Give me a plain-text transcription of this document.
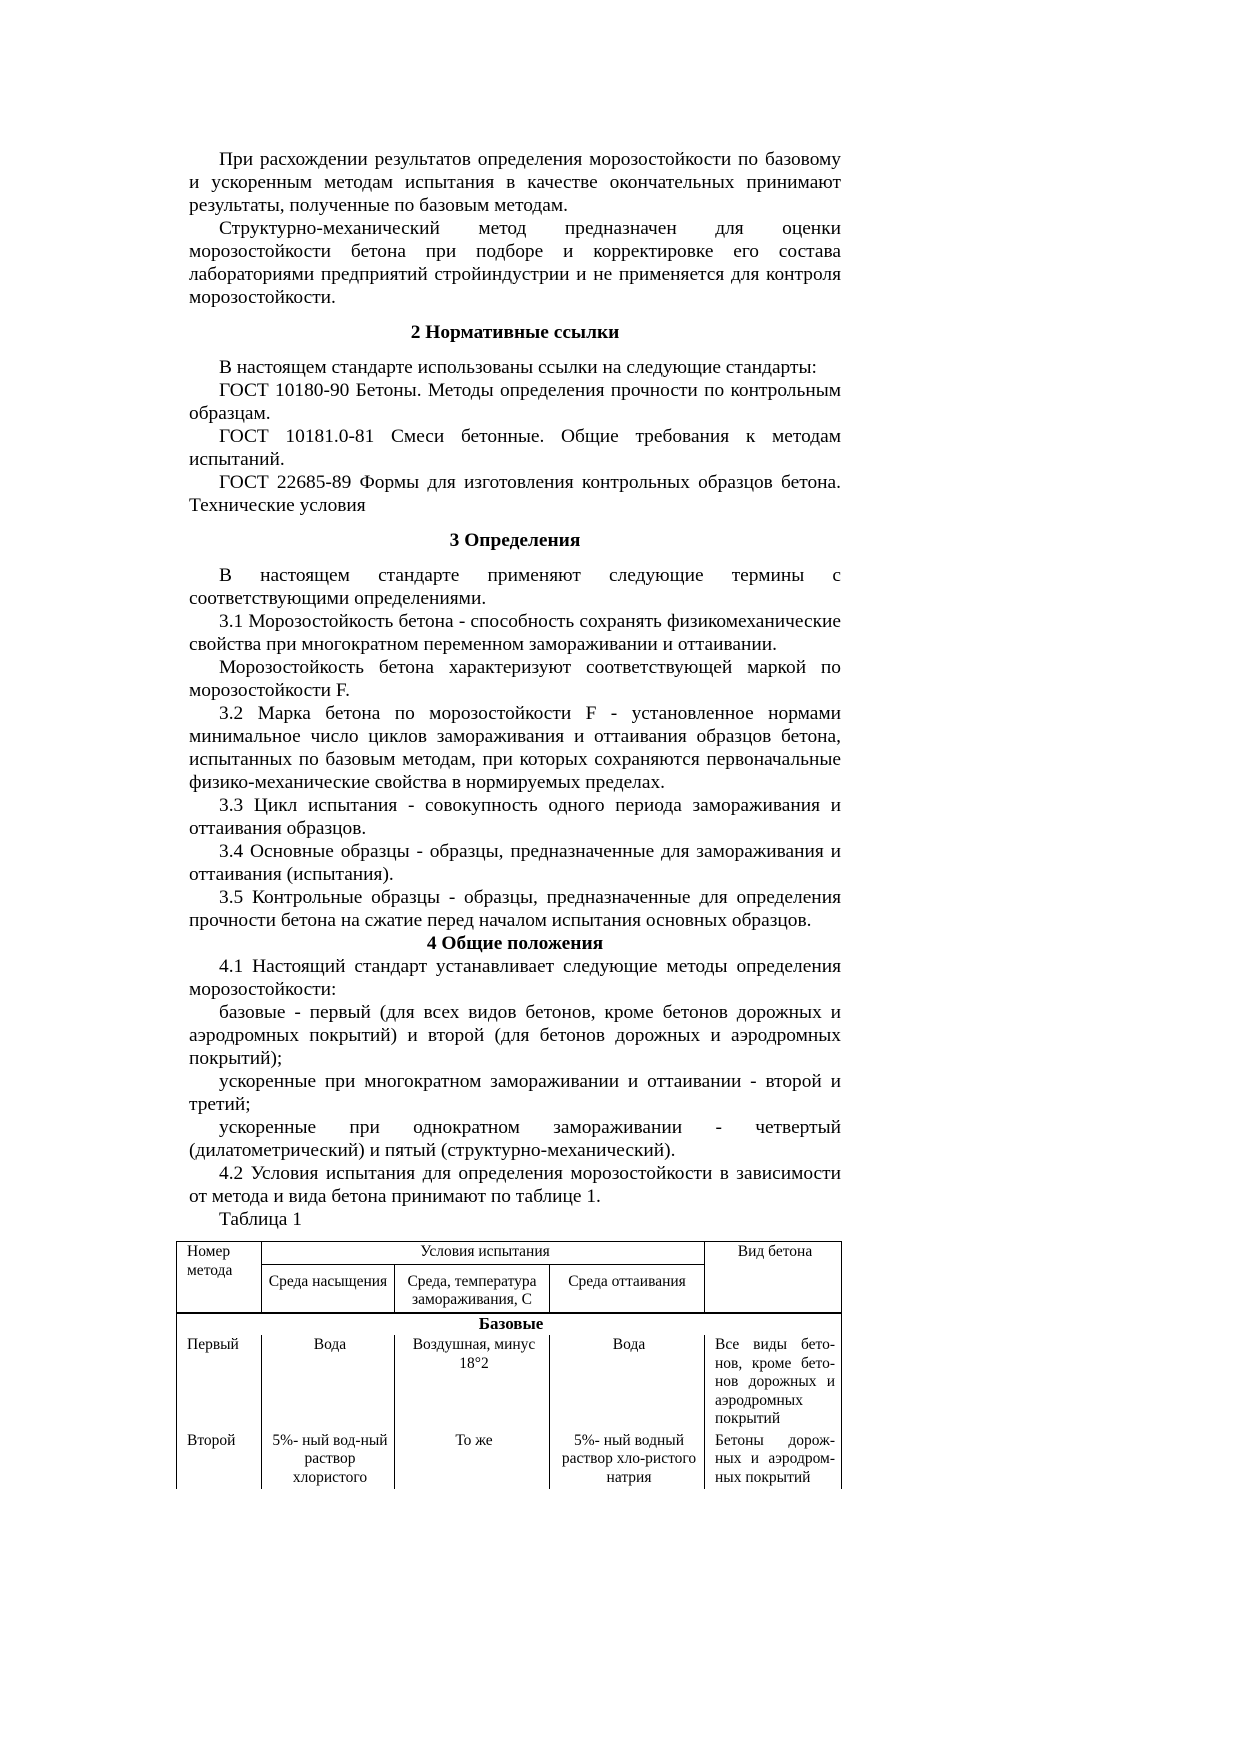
При расхождении результатов определения морозостойкости по базовому и ускоренным методам испытания в качестве окончательных принимают результаты, полученные по базовым методам.

Структурно-механический метод предназначен для оценки морозостойкости бетона при подборе и корректировке его состава лабораториями предприятий стройиндустрии и не применяется для контроля морозостойкости.

2 Нормативные ссылки

В настоящем стандарте использованы ссылки на следующие стандарты:

ГОСТ 10180-90 Бетоны. Методы определения прочности по контрольным образцам.

ГОСТ 10181.0-81 Смеси бетонные. Общие требования к методам испытаний.

ГОСТ 22685-89 Формы для изготовления контрольных образцов бетона. Технические условия

3 Определения

В настоящем стандарте применяют следующие термины с соответствующими определениями.

3.1 Морозостойкость бетона - способность сохранять физикомеханические свойства при многократном переменном замораживании и оттаивании.

Морозостойкость бетона характеризуют соответствующей маркой по морозостойкости F.

3.2 Марка бетона по морозостойкости F - установленное нормами минимальное число циклов замораживания и оттаивания образцов бетона, испытанных по базовым методам, при которых сохраняются первоначальные физико-механические свойства в нормируемых пределах.

3.3 Цикл испытания - совокупность одного периода замораживания и оттаивания образцов.

3.4 Основные образцы - образцы, предназначенные для замораживания и оттаивания (испытания).

3.5 Контрольные образцы - образцы, предназначенные для определения прочности бетона на сжатие перед началом испытания основных образцов.

4 Общие положения

4.1 Настоящий стандарт устанавливает следующие методы определения морозостойкости:

базовые - первый (для всех видов бетонов, кроме бетонов дорожных и аэродромных покрытий) и второй (для бетонов дорожных и аэродромных покрытий);

ускоренные при многократном замораживании и оттаивании - второй и третий;

ускоренные при однократном замораживании - четвертый (дилатометрический) и пятый (структурно-механический).

4.2 Условия испытания для определения морозостойкости в зависимости от метода и вида бетона принимают по таблице 1.

Таблица 1

Номер метода	Условия испытания			Вид бетона
	Среда насыщения	Среда, температура замораживания, С	Среда оттаивания	
Базовые				
Первый	Вода	Воздушная, минус 18°2	Вода	Все виды бето-нов, кроме бето-нов дорожных и аэродромных покрытий
Второй	5%- ный вод-ный раствор хлористого	То же	5%- ный водный раствор хло-ристого натрия	Бетоны дорож-ных и аэродром-ных покрытий
